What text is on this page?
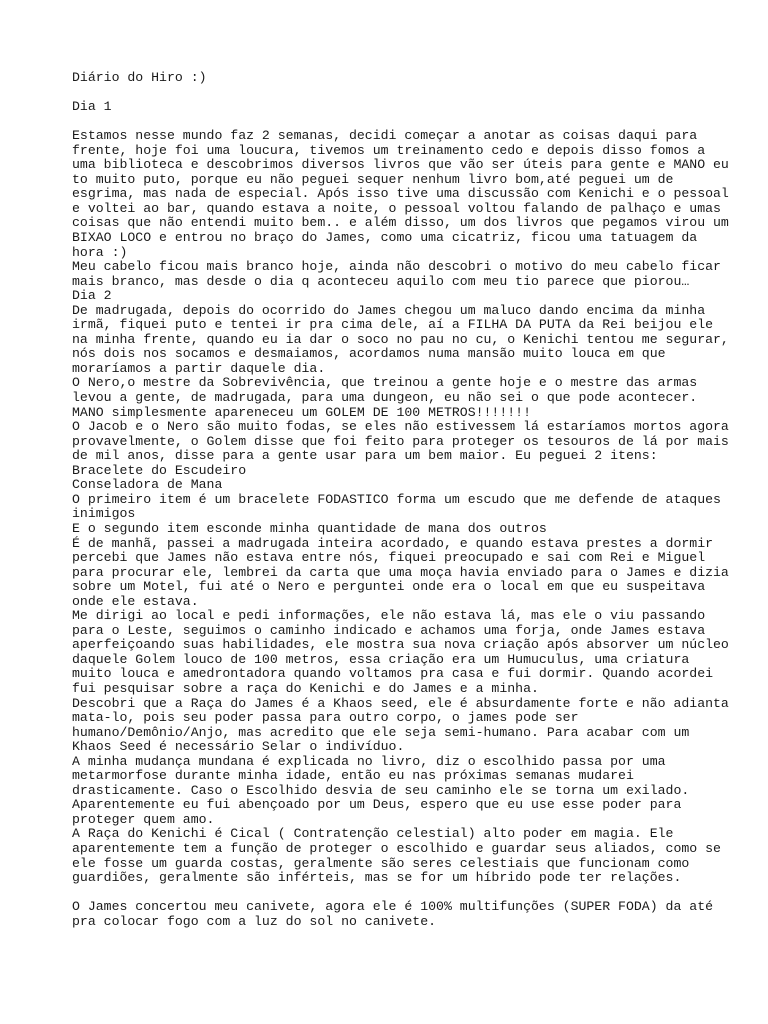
Diário do Hiro :)
Dia 1
Estamos nesse mundo faz 2 semanas, decidi começar a anotar as coisas daqui para
frente, hoje foi uma loucura, tivemos um treinamento cedo e depois disso fomos a
uma biblioteca e descobrimos diversos livros que vão ser úteis para gente e MANO eu
to muito puto, porque eu não peguei sequer nenhum livro bom,até peguei um de
esgrima, mas nada de especial. Após isso tive uma discussão com Kenichi e o pessoal
e voltei ao bar, quando estava a noite, o pessoal voltou falando de palhaço e umas
coisas que não entendi muito bem.. e além disso, um dos livros que pegamos virou um
BIXAO LOCO e entrou no braço do James, como uma cicatriz, ficou uma tatuagem da
hora :)
Meu cabelo ficou mais branco hoje, ainda não descobri o motivo do meu cabelo ficar
mais branco, mas desde o dia q aconteceu aquilo com meu tio parece que piorou…
Dia 2
De madrugada, depois do ocorrido do James chegou um maluco dando encima da minha
irmã, fiquei puto e tentei ir pra cima dele, aí a FILHA DA PUTA da Rei beijou ele
na minha frente, quando eu ia dar o soco no pau no cu, o Kenichi tentou me segurar,
nós dois nos socamos e desmaiamos, acordamos numa mansão muito louca em que
moraríamos a partir daquele dia.
O Nero,o mestre da Sobrevivência, que treinou a gente hoje e o mestre das armas
levou a gente, de madrugada, para uma dungeon, eu não sei o que pode acontecer.
MANO simplesmente apareneceu um GOLEM DE 100 METROS!!!!!!!
O Jacob e o Nero são muito fodas, se eles não estivessem lá estaríamos mortos agora
provavelmente, o Golem disse que foi feito para proteger os tesouros de lá por mais
de mil anos, disse para a gente usar para um bem maior. Eu peguei 2 itens:
Bracelete do Escudeiro
Conseladora de Mana
O primeiro item é um bracelete FODASTICO forma um escudo que me defende de ataques
inimigos
E o segundo item esconde minha quantidade de mana dos outros
É de manhã, passei a madrugada inteira acordado, e quando estava prestes a dormir
percebi que James não estava entre nós, fiquei preocupado e sai com Rei e Miguel
para procurar ele, lembrei da carta que uma moça havia enviado para o James e dizia
sobre um Motel, fui até o Nero e perguntei onde era o local em que eu suspeitava
onde ele estava.
Me dirigi ao local e pedi informações, ele não estava lá, mas ele o viu passando
para o Leste, seguimos o caminho indicado e achamos uma forja, onde James estava
aperfeiçoando suas habilidades, ele mostra sua nova criação após absorver um núcleo
daquele Golem louco de 100 metros, essa criação era um Humuculus, uma criatura
muito louca e amedrontadora quando voltamos pra casa e fui dormir. Quando acordei
fui pesquisar sobre a raça do Kenichi e do James e a minha.
Descobri que a Raça do James é a Khaos seed, ele é absurdamente forte e não adianta
mata-lo, pois seu poder passa para outro corpo, o james pode ser
humano/Demônio/Anjo, mas acredito que ele seja semi-humano. Para acabar com um
Khaos Seed é necessário Selar o indivíduo.
A minha mudança mundana é explicada no livro, diz o escolhido passa por uma
metarmorfose durante minha idade, então eu nas próximas semanas mudarei
drasticamente. Caso o Escolhido desvia de seu caminho ele se torna um exilado.
Aparentemente eu fui abençoado por um Deus, espero que eu use esse poder para
proteger quem amo.
A Raça do Kenichi é Cical ( Contratenção celestial) alto poder em magia. Ele
aparentemente tem a função de proteger o escolhido e guardar seus aliados, como se
ele fosse um guarda costas, geralmente são seres celestiais que funcionam como
guardiões, geralmente são inférteis, mas se for um híbrido pode ter relações.
O James concertou meu canivete, agora ele é 100% multifunções (SUPER FODA) da até
pra colocar fogo com a luz do sol no canivete.
